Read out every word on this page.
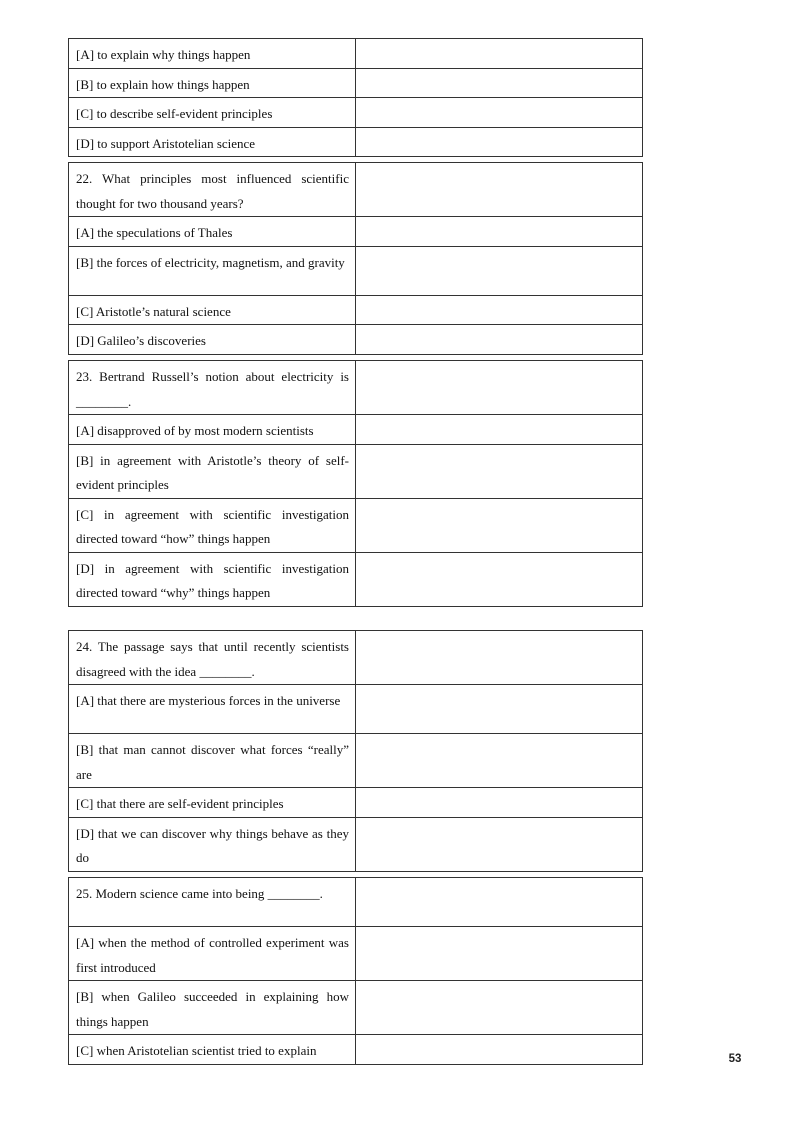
[A] to explain why things happen	

[B] to explain how things happen	

[C] to describe self-evident principles	

[D] to support Aristotelian science	

22. What principles most influenced scientific thought for two thousand years?	

[A] the speculations of Thales	

[B] the forces of electricity, magnetism, and gravity	

[C] Aristotle’s natural science	

[D] Galileo’s discoveries	

23. Bertrand Russell’s notion about electricity is ________.	

[A] disapproved of by most modern scientists	

[B] in agreement with Aristotle’s theory of self-evident principles	

[C] in agreement with scientific investigation directed toward “how” things happen	

[D] in agreement with scientific investigation directed toward “why” things happen	

24. The passage says that until recently scientists disagreed with the idea ________.	

[A] that there are mysterious forces in the universe	

[B] that man cannot discover what forces “really” are	

[C] that there are self-evident principles	

[D] that we can discover why things behave as they do	

25. Modern science came into being ________.	

[A] when the method of controlled experiment was first introduced	

[B] when Galileo succeeded in explaining how things happen	

[C] when Aristotelian scientist tried to explain	

53
